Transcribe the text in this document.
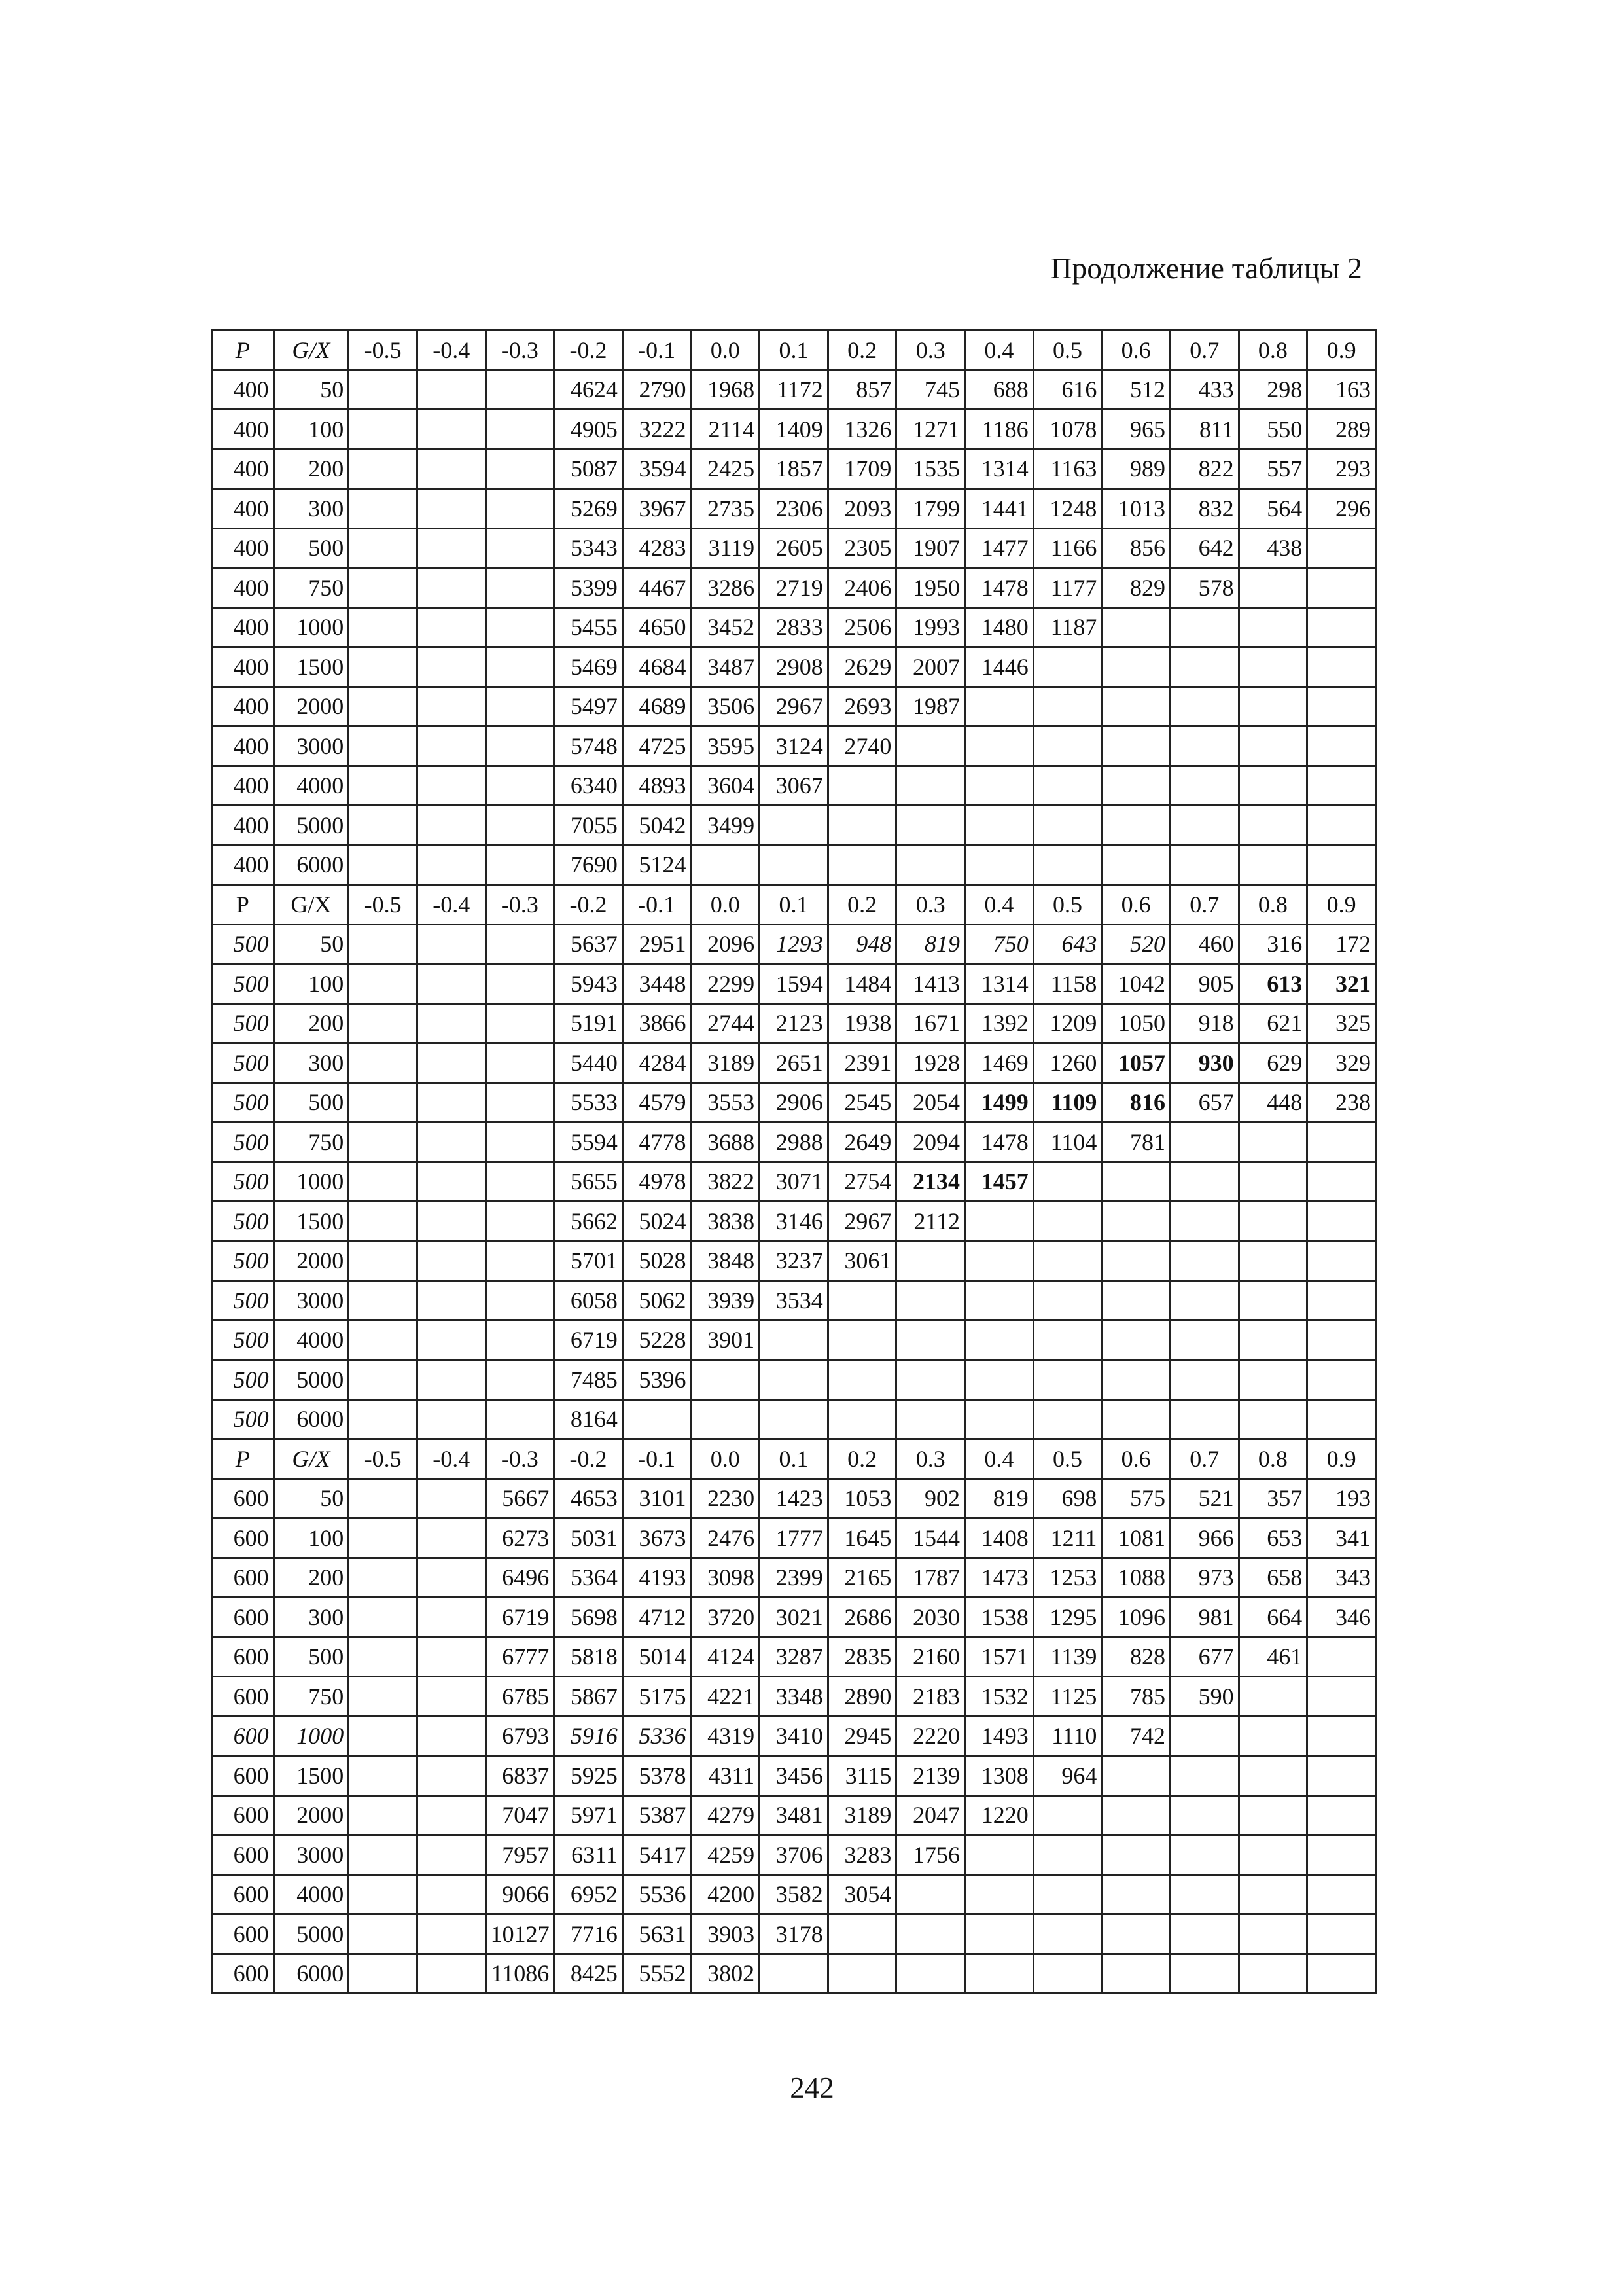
Продолжение таблицы 2
P	G/X	-0.5	-0.4	-0.3	-0.2	-0.1	0.0	0.1	0.2	0.3	0.4	0.5	0.6	0.7	0.8	0.9
400	50				4624	2790	1968	1172	857	745	688	616	512	433	298	163
400	100				4905	3222	2114	1409	1326	1271	1186	1078	965	811	550	289
400	200				5087	3594	2425	1857	1709	1535	1314	1163	989	822	557	293
400	300				5269	3967	2735	2306	2093	1799	1441	1248	1013	832	564	296
400	500				5343	4283	3119	2605	2305	1907	1477	1166	856	642	438	
400	750				5399	4467	3286	2719	2406	1950	1478	1177	829	578		
400	1000				5455	4650	3452	2833	2506	1993	1480	1187				
400	1500				5469	4684	3487	2908	2629	2007	1446					
400	2000				5497	4689	3506	2967	2693	1987						
400	3000				5748	4725	3595	3124	2740							
400	4000				6340	4893	3604	3067								
400	5000				7055	5042	3499									
400	6000				7690	5124										
P	G/X	-0.5	-0.4	-0.3	-0.2	-0.1	0.0	0.1	0.2	0.3	0.4	0.5	0.6	0.7	0.8	0.9
500	50				5637	2951	2096	1293	948	819	750	643	520	460	316	172
500	100				5943	3448	2299	1594	1484	1413	1314	1158	1042	905	613	321
500	200				5191	3866	2744	2123	1938	1671	1392	1209	1050	918	621	325
500	300				5440	4284	3189	2651	2391	1928	1469	1260	1057	930	629	329
500	500				5533	4579	3553	2906	2545	2054	1499	1109	816	657	448	238
500	750				5594	4778	3688	2988	2649	2094	1478	1104	781			
500	1000				5655	4978	3822	3071	2754	2134	1457					
500	1500				5662	5024	3838	3146	2967	2112						
500	2000				5701	5028	3848	3237	3061							
500	3000				6058	5062	3939	3534								
500	4000				6719	5228	3901									
500	5000				7485	5396										
500	6000				8164											
P	G/X	-0.5	-0.4	-0.3	-0.2	-0.1	0.0	0.1	0.2	0.3	0.4	0.5	0.6	0.7	0.8	0.9
600	50			5667	4653	3101	2230	1423	1053	902	819	698	575	521	357	193
600	100			6273	5031	3673	2476	1777	1645	1544	1408	1211	1081	966	653	341
600	200			6496	5364	4193	3098	2399	2165	1787	1473	1253	1088	973	658	343
600	300			6719	5698	4712	3720	3021	2686	2030	1538	1295	1096	981	664	346
600	500			6777	5818	5014	4124	3287	2835	2160	1571	1139	828	677	461	
600	750			6785	5867	5175	4221	3348	2890	2183	1532	1125	785	590		
600	1000			6793	5916	5336	4319	3410	2945	2220	1493	1110	742			
600	1500			6837	5925	5378	4311	3456	3115	2139	1308	964				
600	2000			7047	5971	5387	4279	3481	3189	2047	1220					
600	3000			7957	6311	5417	4259	3706	3283	1756						
600	4000			9066	6952	5536	4200	3582	3054							
600	5000			10127	7716	5631	3903	3178								
600	6000			11086	8425	5552	3802									
242
